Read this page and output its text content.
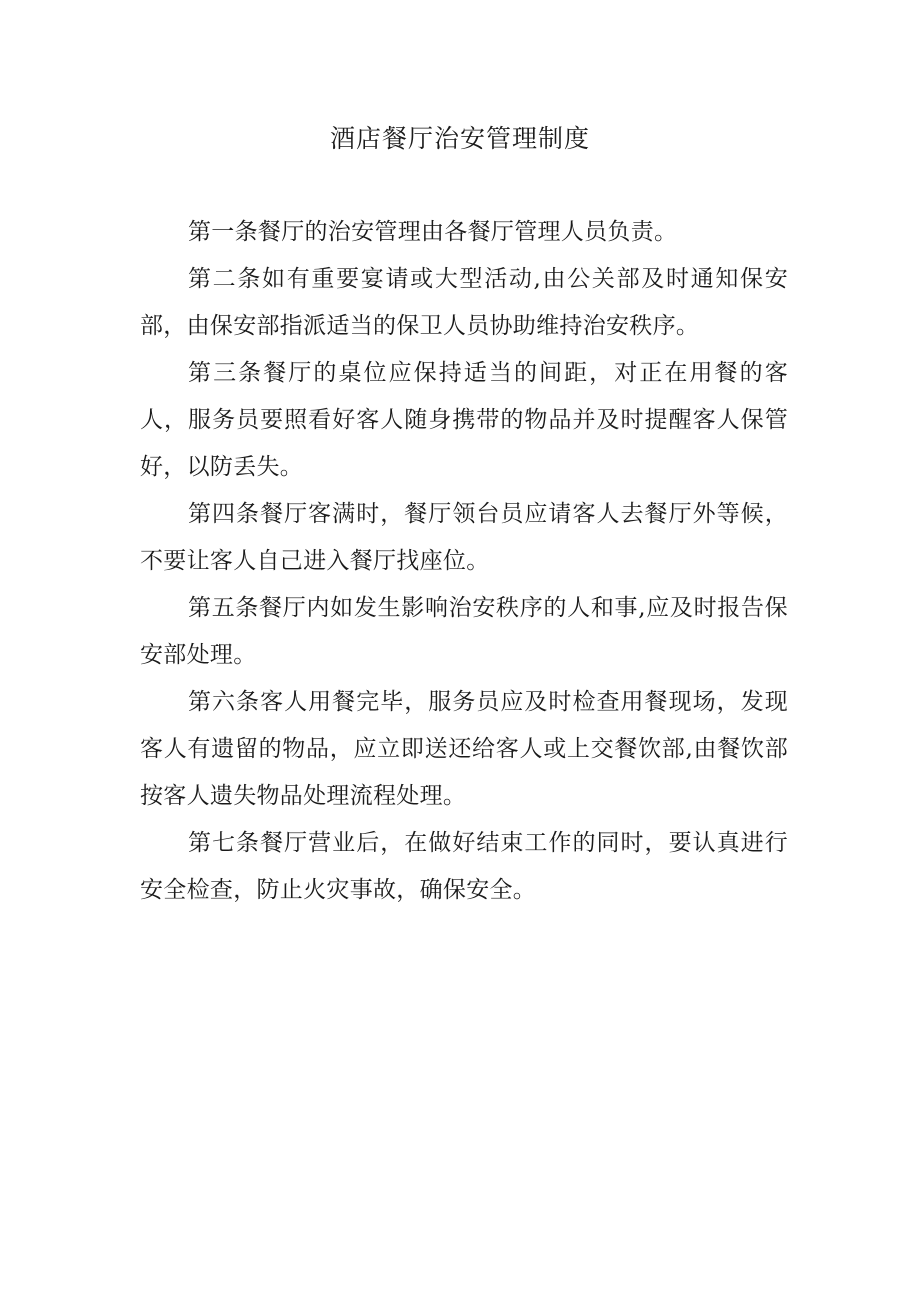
酒店餐厅治安管理制度

第一条餐厅的治安管理由各餐厅管理人员负责。

第二条如有重要宴请或大型活动,由公关部及时通知保安部，由保安部指派适当的保卫人员协助维持治安秩序。

第三条餐厅的桌位应保持适当的间距，对正在用餐的客人，服务员要照看好客人随身携带的物品并及时提醒客人保管好，以防丢失。

第四条餐厅客满时，餐厅领台员应请客人去餐厅外等候，不要让客人自己进入餐厅找座位。

第五条餐厅内如发生影响治安秩序的人和事,应及时报告保安部处理。

第六条客人用餐完毕，服务员应及时检查用餐现场，发现客人有遗留的物品，应立即送还给客人或上交餐饮部,由餐饮部按客人遗失物品处理流程处理。

第七条餐厅营业后，在做好结束工作的同时，要认真进行安全检查，防止火灾事故，确保安全。
